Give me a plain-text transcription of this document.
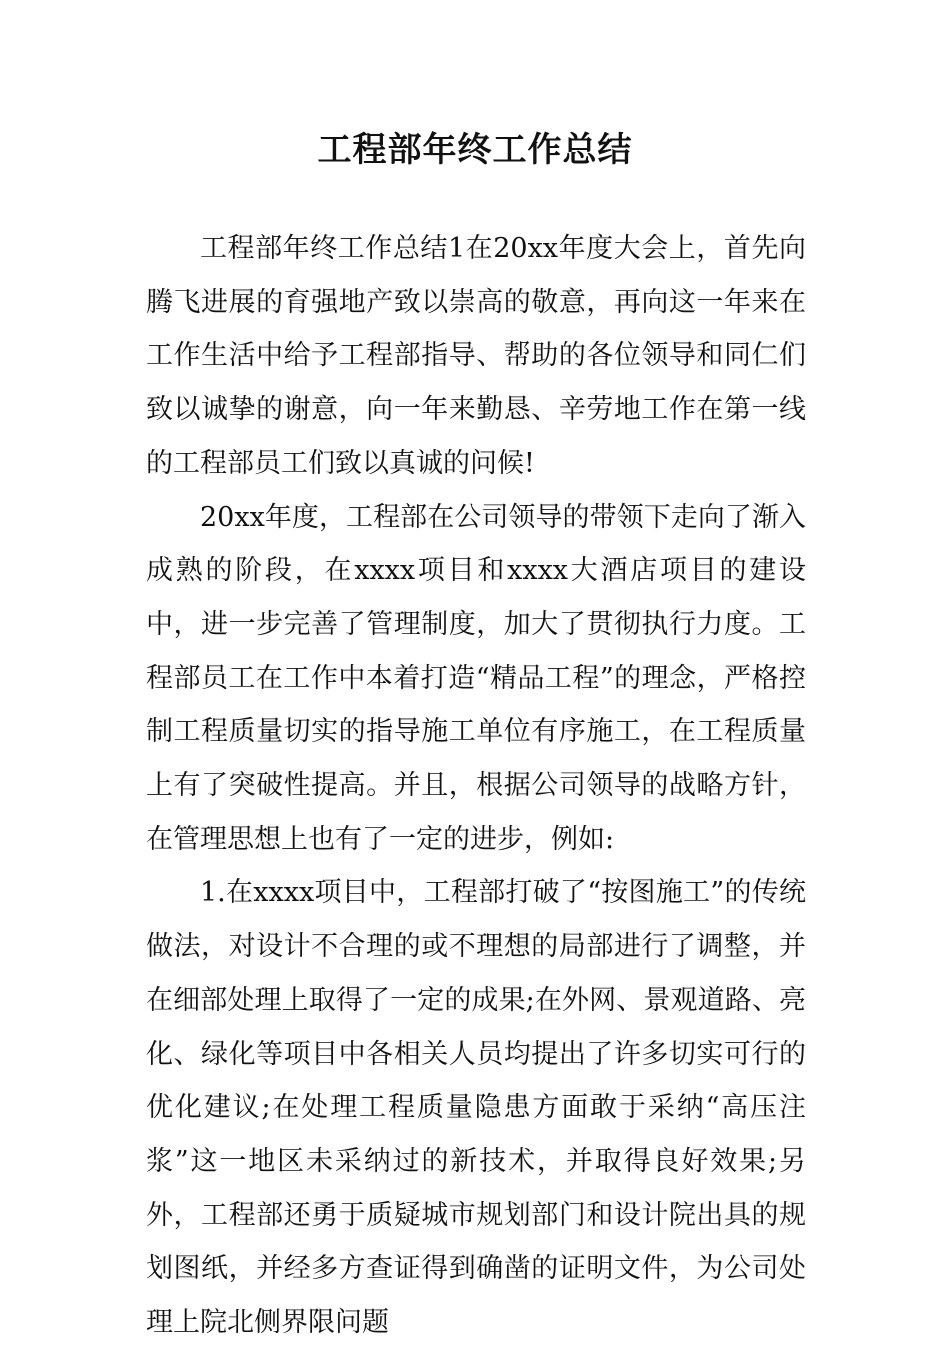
工程部年终工作总结

工程部年终工作总结1在20xx年度大会上，首先向腾飞进展的育强地产致以崇高的敬意，再向这一年来在工作生活中给予工程部指导、帮助的各位领导和同仁们致以诚挚的谢意，向一年来勤恳、辛劳地工作在第一线的工程部员工们致以真诚的问候!

20xx年度，工程部在公司领导的带领下走向了渐入成熟的阶段，在xxxx项目和xxxx大酒店项目的建设中，进一步完善了管理制度，加大了贯彻执行力度。工程部员工在工作中本着打造“精品工程”的理念，严格控制工程质量切实的指导施工单位有序施工，在工程质量上有了突破性提高。并且，根据公司领导的战略方针，在管理思想上也有了一定的进步，例如:

1.在xxxx项目中，工程部打破了“按图施工”的传统做法，对设计不合理的或不理想的局部进行了调整，并在细部处理上取得了一定的成果;在外网、景观道路、亮化、绿化等项目中各相关人员均提出了许多切实可行的优化建议;在处理工程质量隐患方面敢于采纳“高压注浆”这一地区未采纳过的新技术，并取得良好效果;另外，工程部还勇于质疑城市规划部门和设计院出具的规划图纸，并经多方查证得到确凿的证明文件，为公司处理上院北侧界限问题
